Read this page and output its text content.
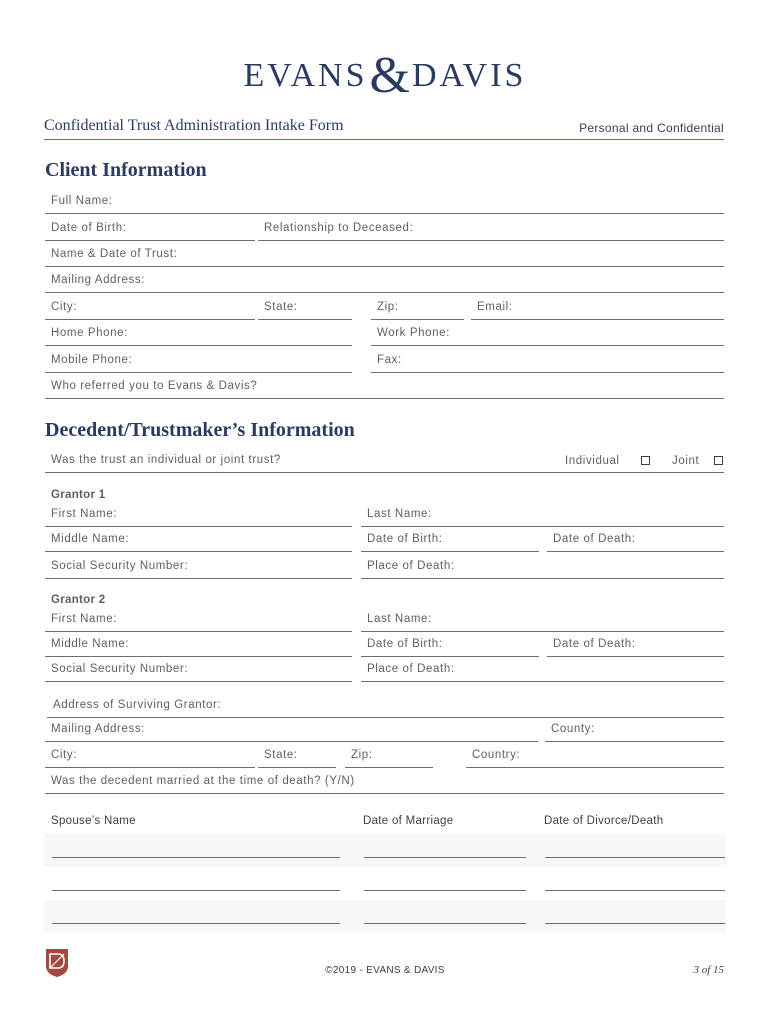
EVANS&DAVIS
Confidential Trust Administration Intake Form	Personal and Confidential
Client Information
Full Name:
Date of Birth:	Relationship to Deceased:
Name & Date of Trust:
Mailing Address:
City:	State:	Zip:	Email:
Home Phone:	Work Phone:
Mobile Phone:	Fax:
Who referred you to Evans & Davis?
Decedent/Trustmaker’s Information
Was the trust an individual or joint trust?	Individual	Joint
Grantor 1
First Name:	Last Name:
Middle Name:	Date of Birth:	Date of Death:
Social Security Number:	Place of Death:
Grantor 2
First Name:	Last Name:
Middle Name:	Date of Birth:	Date of Death:
Social Security Number:	Place of Death:
Address of Surviving Grantor:
Mailing Address:	County:
City:	State:	Zip:	Country:
Was the decedent married at the time of death? (Y/N)
Spouse’s Name	Date of Marriage	Date of Divorce/Death
©2019 - EVANS & DAVIS	3 of 15
